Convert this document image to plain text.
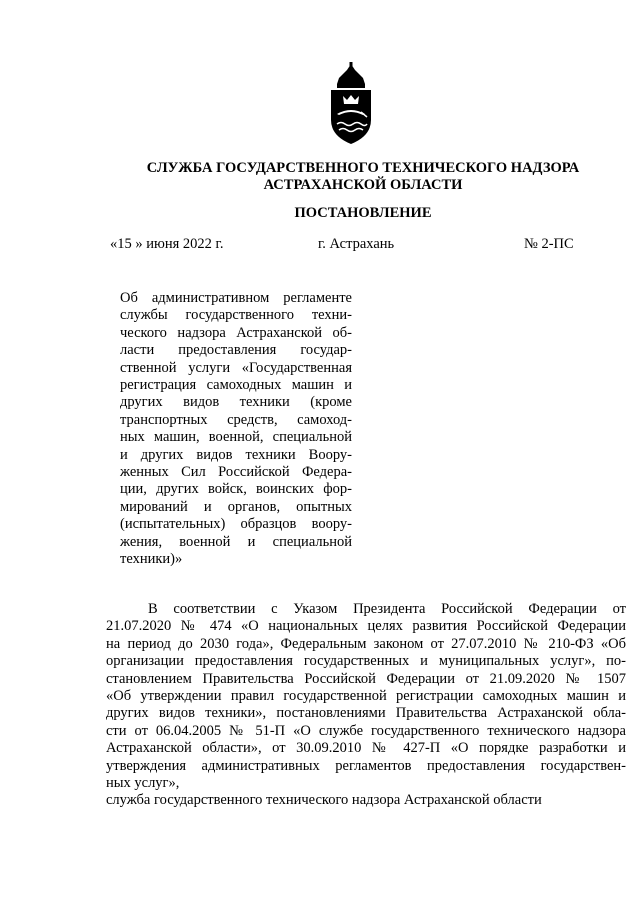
СЛУЖБА ГОСУДАРСТВЕННОГО ТЕХНИЧЕСКОГО НАДЗОРА
АСТРАХАНСКОЙ ОБЛАСТИ
ПОСТАНОВЛЕНИЕ
«15 » июня 2022 г.	г. Астрахань	№ 2-ПС
Об административном регламенте
службы государственного техни-
ческого надзора Астраханской об-
ласти предоставления государ-
ственной услуги «Государственная
регистрация самоходных машин и
других видов техники (кроме
транспортных средств, самоход-
ных машин, военной, специальной
и других видов техники Воору-
женных Сил Российской Федера-
ции, других войск, воинских фор-
мирований и органов, опытных
(испытательных) образцов воору-
жения, военной и специальной
техники)»
В соответствии с Указом Президента Российской Федерации от
21.07.2020 № 474 «О национальных целях развития Российской Федерации
на период до 2030 года», Федеральным законом от 27.07.2010 № 210-ФЗ «Об
организации предоставления государственных и муниципальных услуг», по-
становлением Правительства Российской Федерации от 21.09.2020 № 1507
«Об утверждении правил государственной регистрации самоходных машин и
других видов техники», постановлениями Правительства Астраханской обла-
сти от 06.04.2005 № 51-П «О службе государственного технического надзора
Астраханской области», от 30.09.2010 № 427-П «О порядке разработки и
утверждения административных регламентов предоставления государствен-
ных услуг»,
служба государственного технического надзора Астраханской области
